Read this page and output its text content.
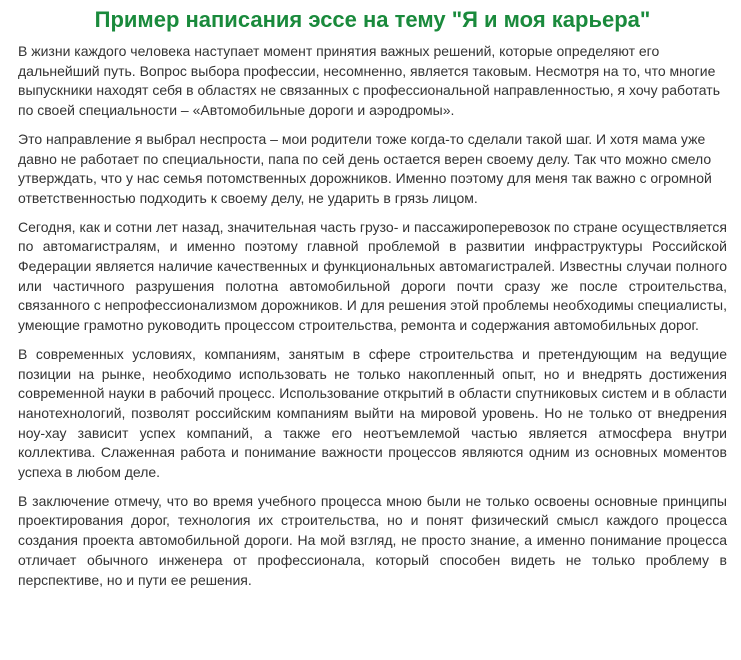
Пример написания эссе на тему "Я и моя карьера"

В жизни каждого человека наступает момент принятия важных решений, которые определяют его дальнейший путь. Вопрос выбора профессии, несомненно, является таковым. Несмотря на то, что многие выпускники находят себя в областях не связанных с профессиональной направленностью, я хочу работать по своей специальности – «Автомобильные дороги и аэродромы».

Это направление я выбрал неспроста – мои родители тоже когда-то сделали такой шаг. И хотя мама уже давно не работает по специальности, папа по сей день остается верен своему делу. Так что можно смело утверждать, что у нас семья потомственных дорожников. Именно поэтому для меня так важно с огромной ответственностью подходить к своему делу, не ударить в грязь лицом.

Сегодня, как и сотни лет назад, значительная часть грузо- и пассажироперевозок по стране осуществляется по автомагистралям, и именно поэтому главной проблемой в развитии инфраструктуры Российской Федерации является наличие качественных и функциональных автомагистралей. Известны случаи полного или частичного разрушения полотна автомобильной дороги почти сразу же после строительства, связанного с непрофессионализмом дорожников. И для решения этой проблемы необходимы специалисты, умеющие грамотно руководить процессом строительства, ремонта и содержания автомобильных дорог.

В современных условиях, компаниям, занятым в сфере строительства и претендующим на ведущие позиции на рынке, необходимо использовать не только накопленный опыт, но и внедрять достижения современной науки в рабочий процесс. Использование открытий в области спутниковых систем и в области нанотехнологий, позволят российским компаниям выйти на мировой уровень. Но не только от внедрения ноу-хау зависит успех компаний, а также его неотъемлемой частью является атмосфера внутри коллектива. Слаженная работа и понимание важности процессов являются одним из основных моментов успеха в любом деле.

В заключение отмечу, что во время учебного процесса мною были не только освоены основные принципы проектирования дорог, технология их строительства, но и понят физический смысл каждого процесса создания проекта автомобильной дороги. На мой взгляд, не просто знание, а именно понимание процесса отличает обычного инженера от профессионала, который способен видеть не только проблему в перспективе, но и пути ее решения.
